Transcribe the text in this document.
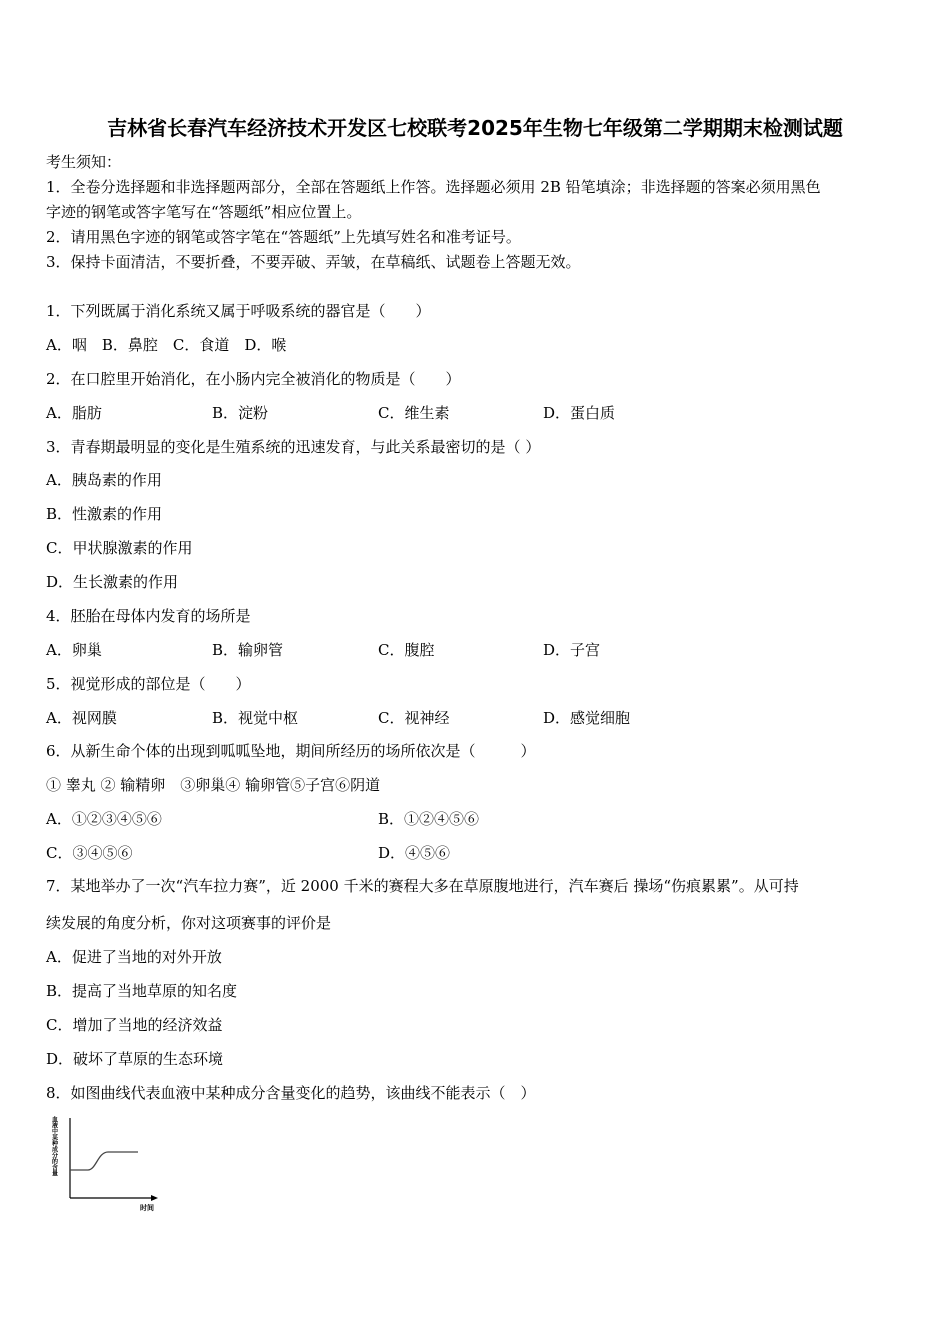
吉林省长春汽车经济技术开发区七校联考2025年生物七年级第二学期期末检测试题
考生须知：
1．全卷分选择题和非选择题两部分，全部在答题纸上作答。选择题必须用 2B 铅笔填涂；非选择题的答案必须用黑色
字迹的钢笔或答字笔写在“答题纸”相应位置上。
2．请用黑色字迹的钢笔或答字笔在“答题纸”上先填写姓名和准考证号。
3．保持卡面清洁，不要折叠，不要弄破、弄皱，在草稿纸、试题卷上答题无效。
1．下列既属于消化系统又属于呼吸系统的器官是（　　）
A．咽　B．鼻腔　C．食道　D．喉
2．在口腔里开始消化，在小肠内完全被消化的物质是（　　）
A．脂肪	B．淀粉	C．维生素	D．蛋白质
3．青春期最明显的变化是生殖系统的迅速发育，与此关系最密切的是（ ）
A．胰岛素的作用
B．性激素的作用
C．甲状腺激素的作用
D．生长激素的作用
4．胚胎在母体内发育的场所是
A．卵巢	B．输卵管	C．腹腔	D．子宫
5．视觉形成的部位是（　　）
A．视网膜	B．视觉中枢	C．视神经	D．感觉细胞
6．从新生命个体的出现到呱呱坠地，期间所经历的场所依次是（　　　）
① 睾丸 ② 输精卵　③卵巢④ 输卵管⑤子宫⑥阴道
A．①②③④⑤⑥	B．①②④⑤⑥
C．③④⑤⑥	D．④⑤⑥
7．某地举办了一次“汽车拉力赛”，近 2000 千米的赛程大多在草原腹地进行，汽车赛后 操场“伤痕累累”。从可持
续发展的角度分析，你对这项赛事的评价是
A．促进了当地的对外开放
B．提高了当地草原的知名度
C．增加了当地的经济效益
D．破坏了草原的生态环境
8．如图曲线代表血液中某种成分含量变化的趋势，该曲线不能表示（　）
血液中某种成分的含量
时间
